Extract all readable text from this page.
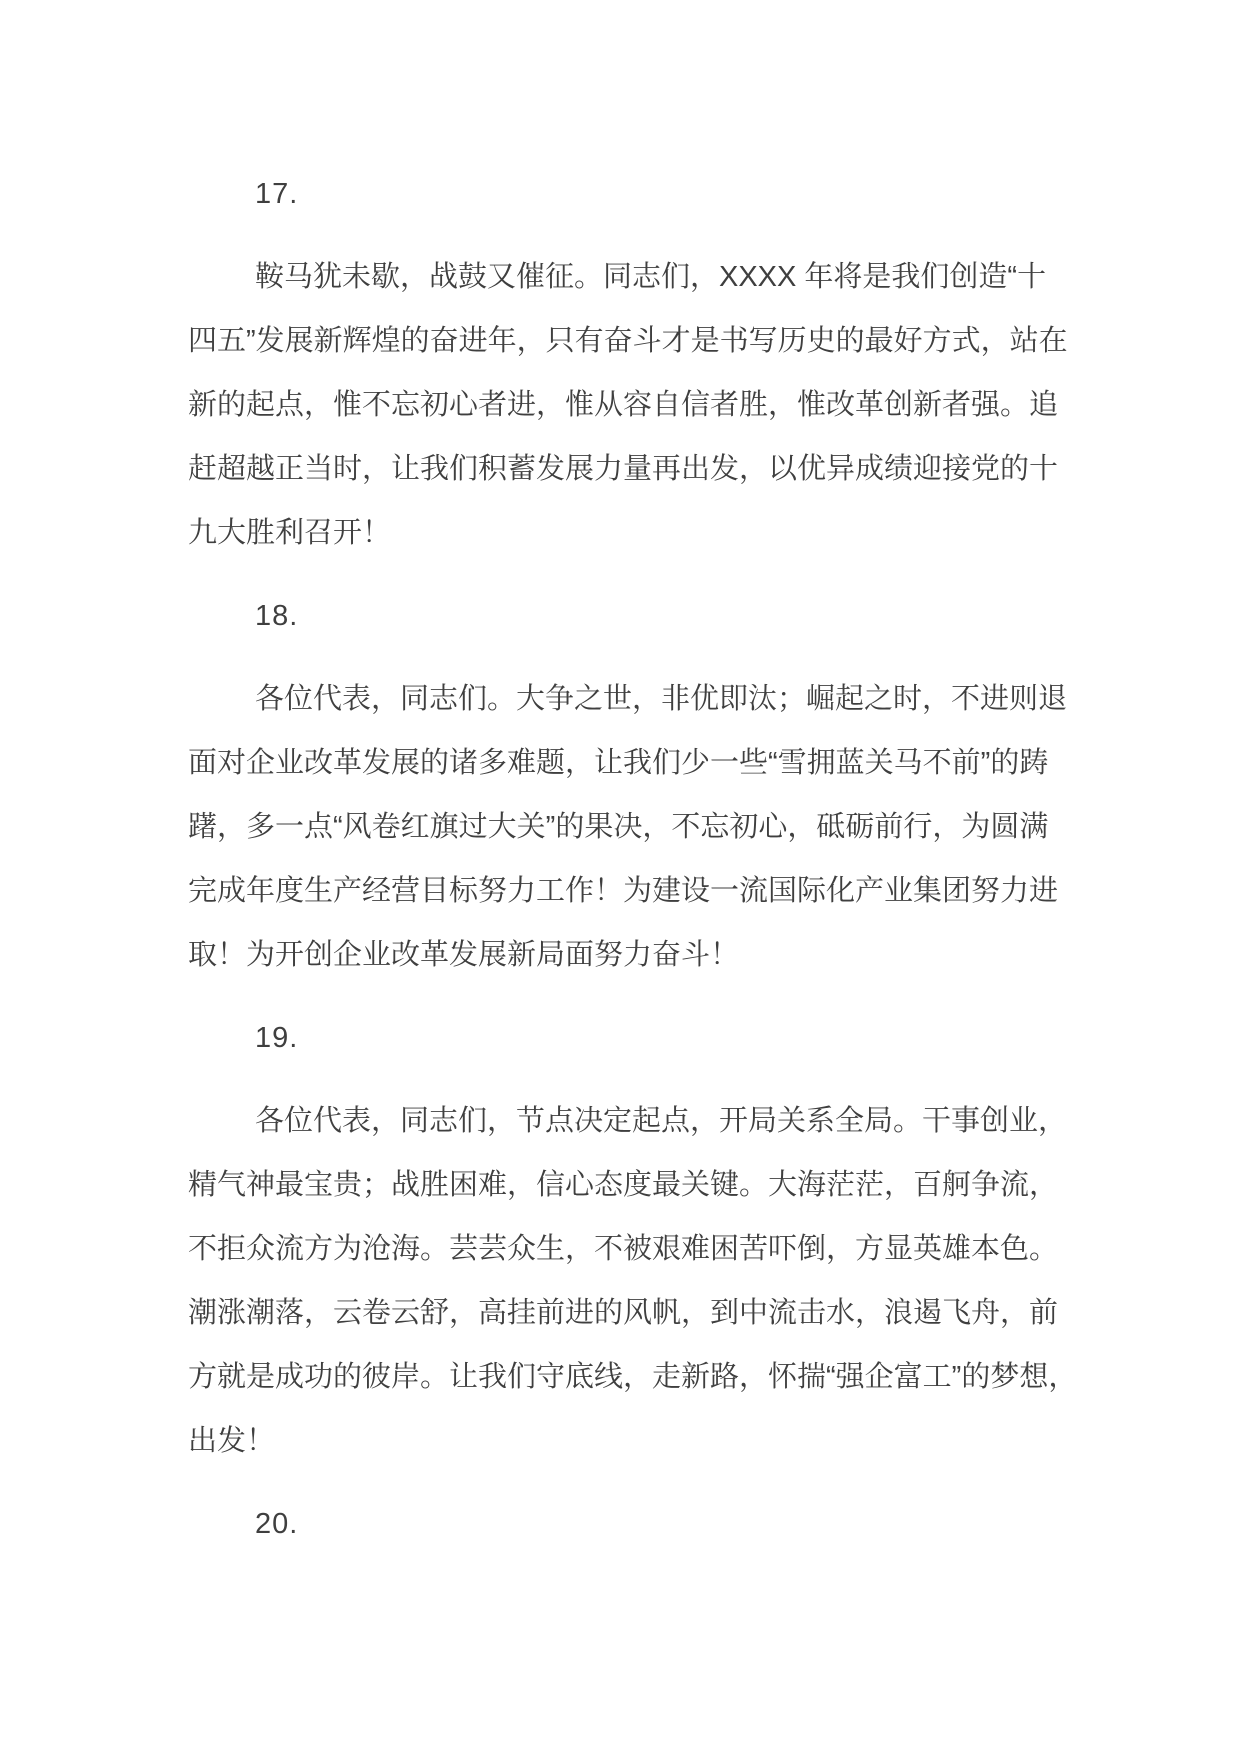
17.
鞍马犹未歇，战鼓又催征。同志们，XXXX 年将是我们创造“十
四五”发展新辉煌的奋进年，只有奋斗才是书写历史的最好方式，站在
新的起点，惟不忘初心者进，惟从容自信者胜，惟改革创新者强。追
赶超越正当时，让我们积蓄发展力量再出发，以优异成绩迎接党的十
九大胜利召开！
18.
各位代表，同志们。大争之世，非优即汰；崛起之时，不进则退
面对企业改革发展的诸多难题，让我们少一些“雪拥蓝关马不前”的踌
躇，多一点“风卷红旗过大关”的果决，不忘初心，砥砺前行，为圆满
完成年度生产经营目标努力工作！为建设一流国际化产业集团努力进
取！为开创企业改革发展新局面努力奋斗！
19.
各位代表，同志们，节点决定起点，开局关系全局。干事创业，
精气神最宝贵；战胜困难，信心态度最关键。大海茫茫，百舸争流，
不拒众流方为沧海。芸芸众生，不被艰难困苦吓倒，方显英雄本色。
潮涨潮落，云卷云舒，高挂前进的风帆，到中流击水，浪遏飞舟，前
方就是成功的彼岸。让我们守底线，走新路，怀揣“强企富工”的梦想，
出发！
20.
